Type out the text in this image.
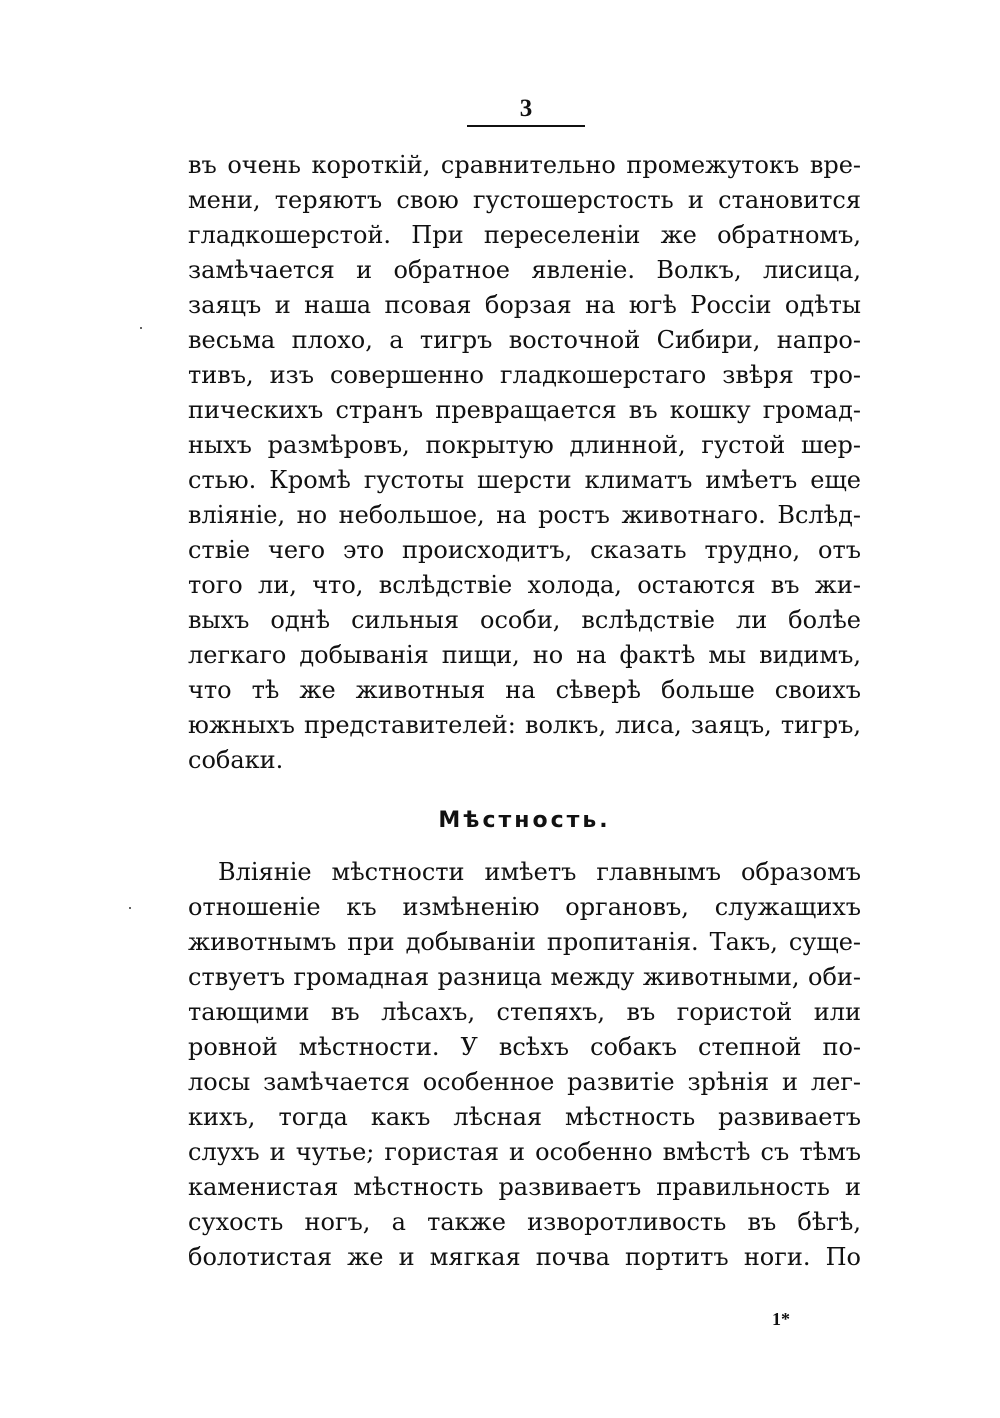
3
въ очень короткій, сравнительно промежутокъ вре-
мени, теряютъ свою густошерстость и становится
гладкошерстой. При переселеніи же обратномъ,
замѣчается и обратное явленіе. Волкъ, лисица,
заяцъ и наша псовая борзая на югѣ Россіи одѣты
весьма плохо, а тигръ восточной Сибири, напро-
тивъ, изъ совершенно гладкошерстаго звѣря тро-
пическихъ странъ превращается въ кошку громад-
ныхъ размѣровъ, покрытую длинной, густой шер-
стью. Кромѣ густоты шерсти климатъ имѣетъ еще
вліяніе, но небольшое, на ростъ животнаго. Вслѣд-
ствіе чего это происходитъ, сказать трудно, отъ
того ли, что, вслѣдствіе холода, остаются въ жи-
выхъ однѣ сильныя особи, вслѣдствіе ли болѣе
легкаго добыванія пищи, но на фактѣ мы видимъ,
что тѣ же животныя на сѣверѣ больше своихъ
южныхъ представителей: волкъ, лиса, заяцъ, тигръ,
собаки.
Мѣстность.
Вліяніе мѣстности имѣетъ главнымъ образомъ
отношеніе къ измѣненію органовъ, служащихъ
животнымъ при добываніи пропитанія. Такъ, суще-
ствуетъ громадная разница между животными, оби-
тающими въ лѣсахъ, степяхъ, въ гористой или
ровной мѣстности. У всѣхъ собакъ степной по-
лосы замѣчается особенное развитіе зрѣнія и лег-
кихъ, тогда какъ лѣсная мѣстность развиваетъ
слухъ и чутье; гористая и особенно вмѣстѣ съ тѣмъ
каменистая мѣстность развиваетъ правильность и
сухость ногъ, а также изворотливость въ бѣгѣ,
болотистая же и мягкая почва портитъ ноги. По
1*
